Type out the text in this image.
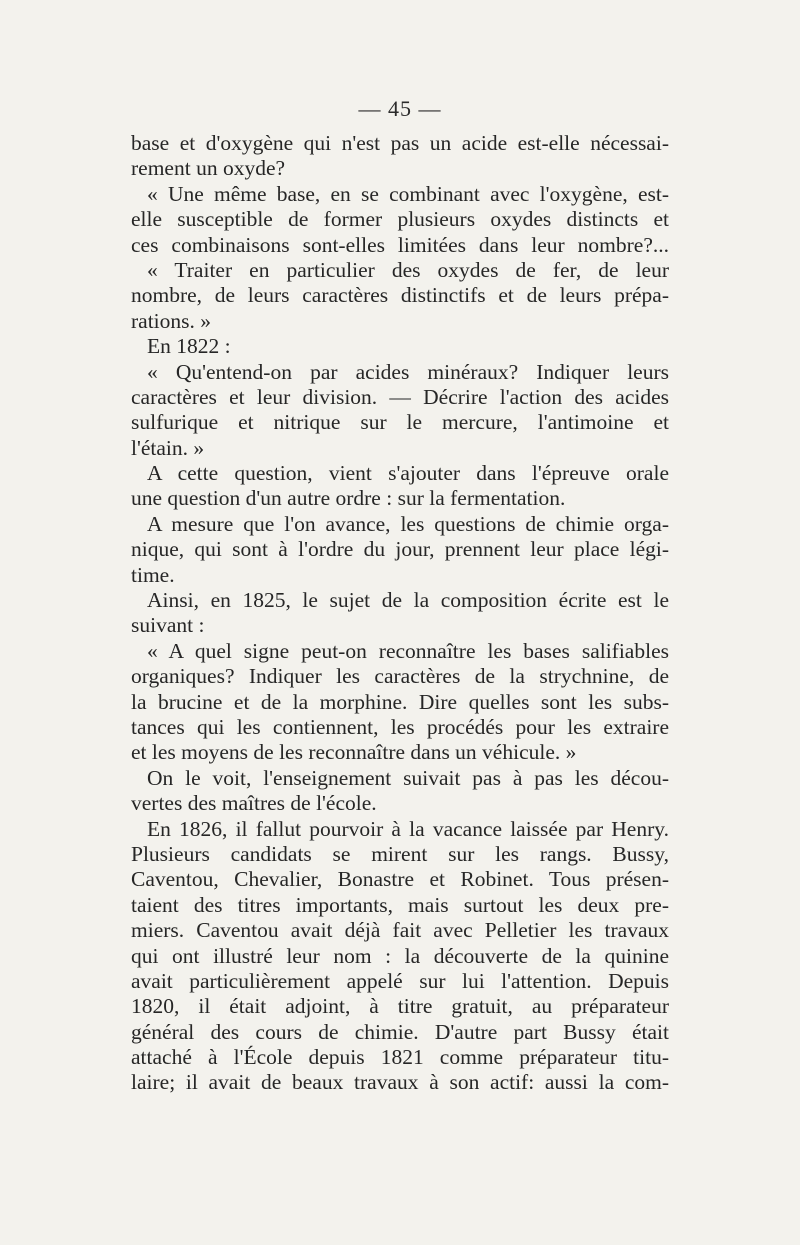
— 45 —
base et d'oxygène qui n'est pas un acide est-elle nécessai-
rement un oxyde?
« Une même base, en se combinant avec l'oxygène, est-
elle susceptible de former plusieurs oxydes distincts et
ces combinaisons sont-elles limitées dans leur nombre?...
« Traiter en particulier des oxydes de fer, de leur
nombre, de leurs caractères distinctifs et de leurs prépa-
rations. »
En 1822 :
« Qu'entend-on par acides minéraux? Indiquer leurs
caractères et leur division. — Décrire l'action des acides
sulfurique et nitrique sur le mercure, l'antimoine et
l'étain. »
A cette question, vient s'ajouter dans l'épreuve orale
une question d'un autre ordre : sur la fermentation.
A mesure que l'on avance, les questions de chimie orga-
nique, qui sont à l'ordre du jour, prennent leur place légi-
time.
Ainsi, en 1825, le sujet de la composition écrite est le
suivant :
« A quel signe peut-on reconnaître les bases salifiables
organiques? Indiquer les caractères de la strychnine, de
la brucine et de la morphine. Dire quelles sont les subs-
tances qui les contiennent, les procédés pour les extraire
et les moyens de les reconnaître dans un véhicule. »
On le voit, l'enseignement suivait pas à pas les décou-
vertes des maîtres de l'école.
En 1826, il fallut pourvoir à la vacance laissée par Henry.
Plusieurs candidats se mirent sur les rangs. Bussy,
Caventou, Chevalier, Bonastre et Robinet. Tous présen-
taient des titres importants, mais surtout les deux pre-
miers. Caventou avait déjà fait avec Pelletier les travaux
qui ont illustré leur nom : la découverte de la quinine
avait particulièrement appelé sur lui l'attention. Depuis
1820, il était adjoint, à titre gratuit, au préparateur
général des cours de chimie. D'autre part Bussy était
attaché à l'École depuis 1821 comme préparateur titu-
laire; il avait de beaux travaux à son actif: aussi la com-
